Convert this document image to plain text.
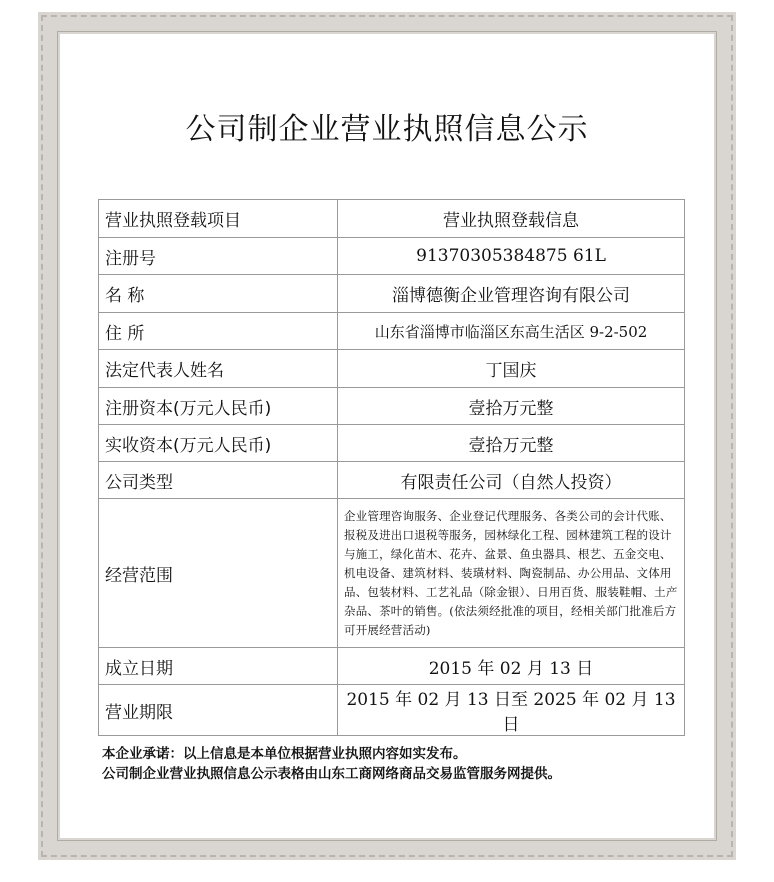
公司制企业营业执照信息公示
营业执照登载项目	营业执照登载信息
注册号	91370305384875 61L
名 称	淄博德衡企业管理咨询有限公司
住 所	山东省淄博市临淄区东高生活区 9-2-502
法定代表人姓名	丁国庆
注册资本(万元人民币)	壹拾万元整
实收资本(万元人民币)	壹拾万元整
公司类型	有限责任公司（自然人投资）
经营范围	企业管理咨询服务、企业登记代理服务、各类公司的会计代账、报税及进出口退税等服务，园林绿化工程、园林建筑工程的设计与施工，绿化苗木、花卉、盆景、鱼虫器具、根艺、五金交电、机电设备、建筑材料、装璜材料、陶瓷制品、办公用品、文体用品、包装材料、工艺礼品（除金银）、日用百货、服装鞋帽、土产杂品、茶叶的销售。(依法须经批准的项目，经相关部门批准后方可开展经营活动)
成立日期	2015 年 02 月 13 日
营业期限	2015 年 02 月 13 日至 2025 年 02 月 13 日
本企业承诺：以上信息是本单位根据营业执照内容如实发布。
公司制企业营业执照信息公示表格由山东工商网络商品交易监管服务网提供。
